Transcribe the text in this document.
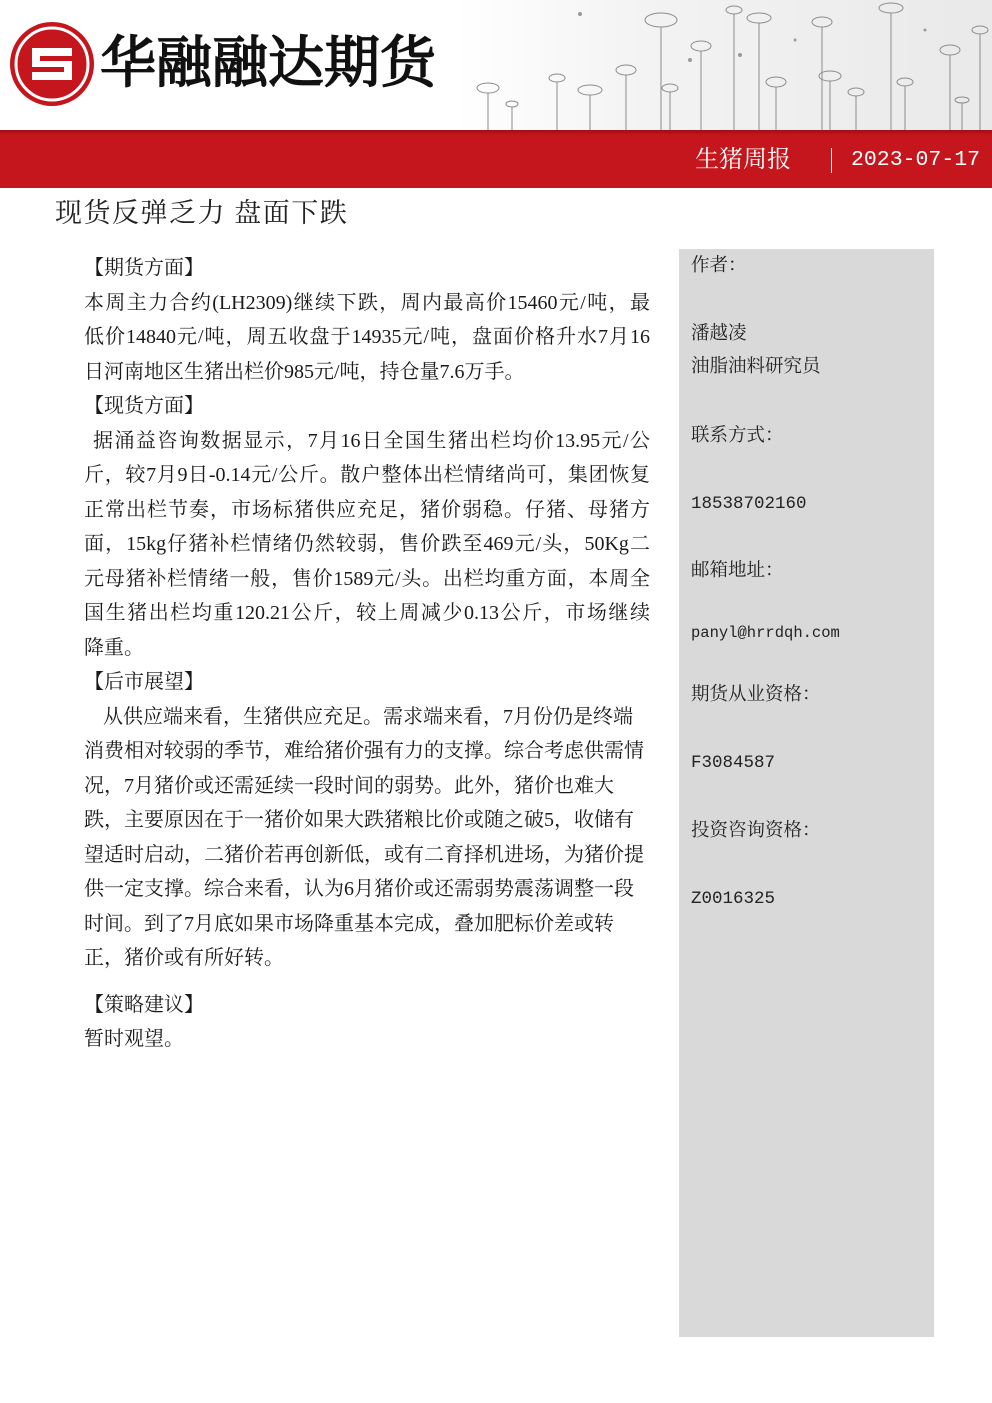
华融融达期货
生猪周报	2023-07-17
现货反弹乏力 盘面下跌
【期货方面】
本周主力合约(LH2309)继续下跌，周内最高价15460元/吨，最
低价14840元/吨，周五收盘于14935元/吨，盘面价格升水7月16
日河南地区生猪出栏价985元/吨，持仓量7.6万手。
【现货方面】
据涌益咨询数据显示，7月16日全国生猪出栏均价13.95元/公
斤，较7月9日-0.14元/公斤。散户整体出栏情绪尚可，集团恢复
正常出栏节奏，市场标猪供应充足，猪价弱稳。仔猪、母猪方
面，15kg仔猪补栏情绪仍然较弱，售价跌至469元/头，50Kg二
元母猪补栏情绪一般，售价1589元/头。出栏均重方面，本周全
国生猪出栏均重120.21公斤，较上周减少0.13公斤，市场继续
降重。
【后市展望】
从供应端来看，生猪供应充足。需求端来看，7月份仍是终端
消费相对较弱的季节，难给猪价强有力的支撑。综合考虑供需情
况，7月猪价或还需延续一段时间的弱势。此外，猪价也难大
跌，主要原因在于一猪价如果大跌猪粮比价或随之破5，收储有
望适时启动，二猪价若再创新低，或有二育择机进场，为猪价提
供一定支撑。综合来看，认为6月猪价或还需弱势震荡调整一段
时间。到了7月底如果市场降重基本完成，叠加肥标价差或转
正，猪价或有所好转。
【策略建议】
暂时观望。
作者：
潘越凌
油脂油料研究员
联系方式：
18538702160
邮箱地址：
panyl@hrrdqh.com
期货从业资格：
F3084587
投资咨询资格：
Z0016325
